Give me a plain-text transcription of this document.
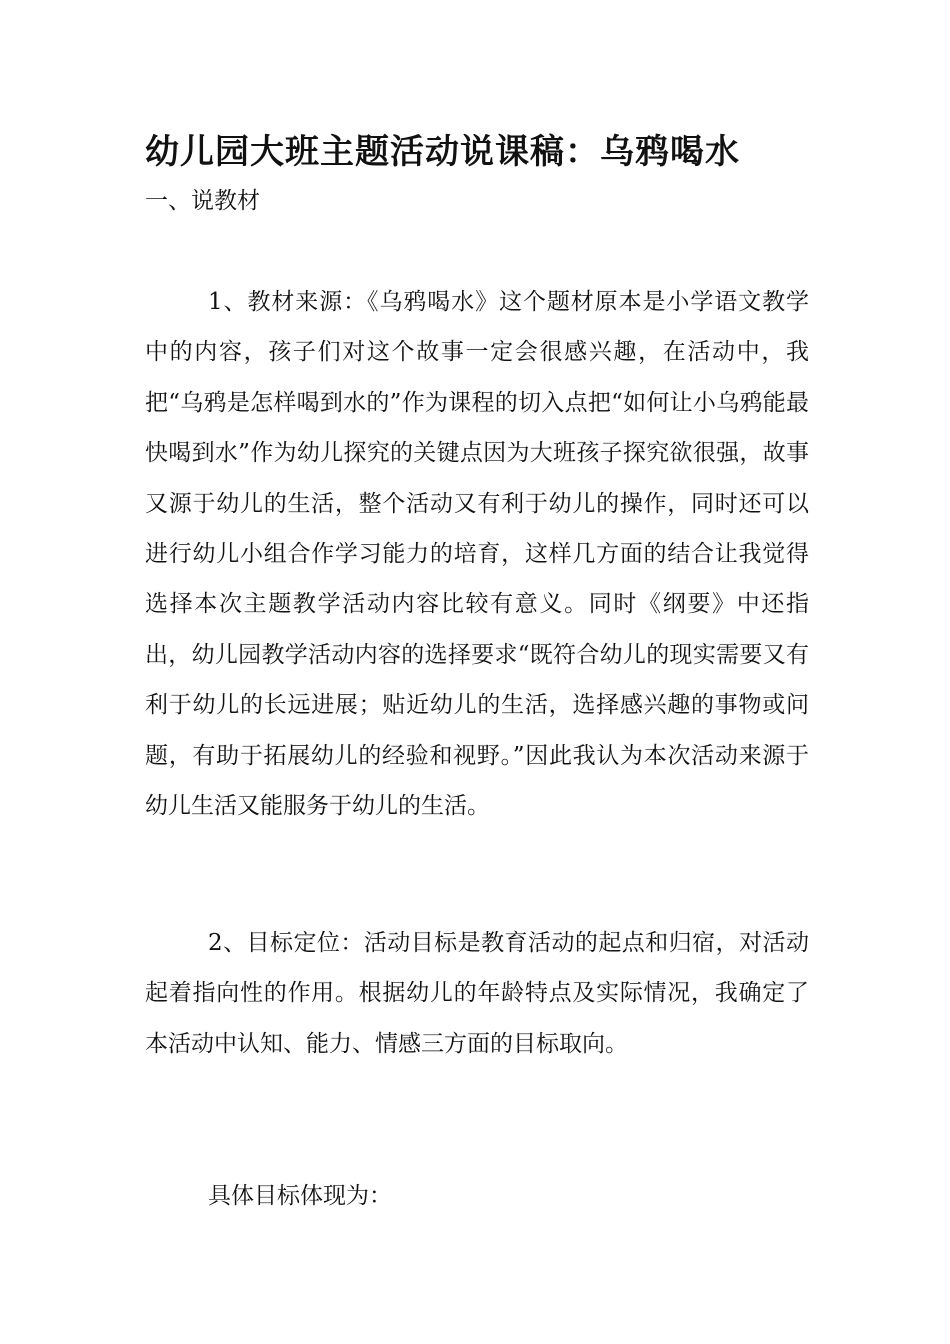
幼儿园大班主题活动说课稿：乌鸦喝水
一、说教材

1、教材来源：《乌鸦喝水》这个题材原本是小学语文教学中的内容，孩子们对这个故事一定会很感兴趣，在活动中，我把“乌鸦是怎样喝到水的”作为课程的切入点把“如何让小乌鸦能最快喝到水”作为幼儿探究的关键点因为大班孩子探究欲很强，故事又源于幼儿的生活，整个活动又有利于幼儿的操作，同时还可以进行幼儿小组合作学习能力的培育，这样几方面的结合让我觉得选择本次主题教学活动内容比较有意义。同时《纲要》中还指出，幼儿园教学活动内容的选择要求“既符合幼儿的现实需要又有利于幼儿的长远进展；贴近幼儿的生活，选择感兴趣的事物或问题，有助于拓展幼儿的经验和视野。”因此我认为本次活动来源于幼儿生活又能服务于幼儿的生活。

2、目标定位：活动目标是教育活动的起点和归宿，对活动起着指向性的作用。根据幼儿的年龄特点及实际情况，我确定了本活动中认知、能力、情感三方面的目标取向。

具体目标体现为：
